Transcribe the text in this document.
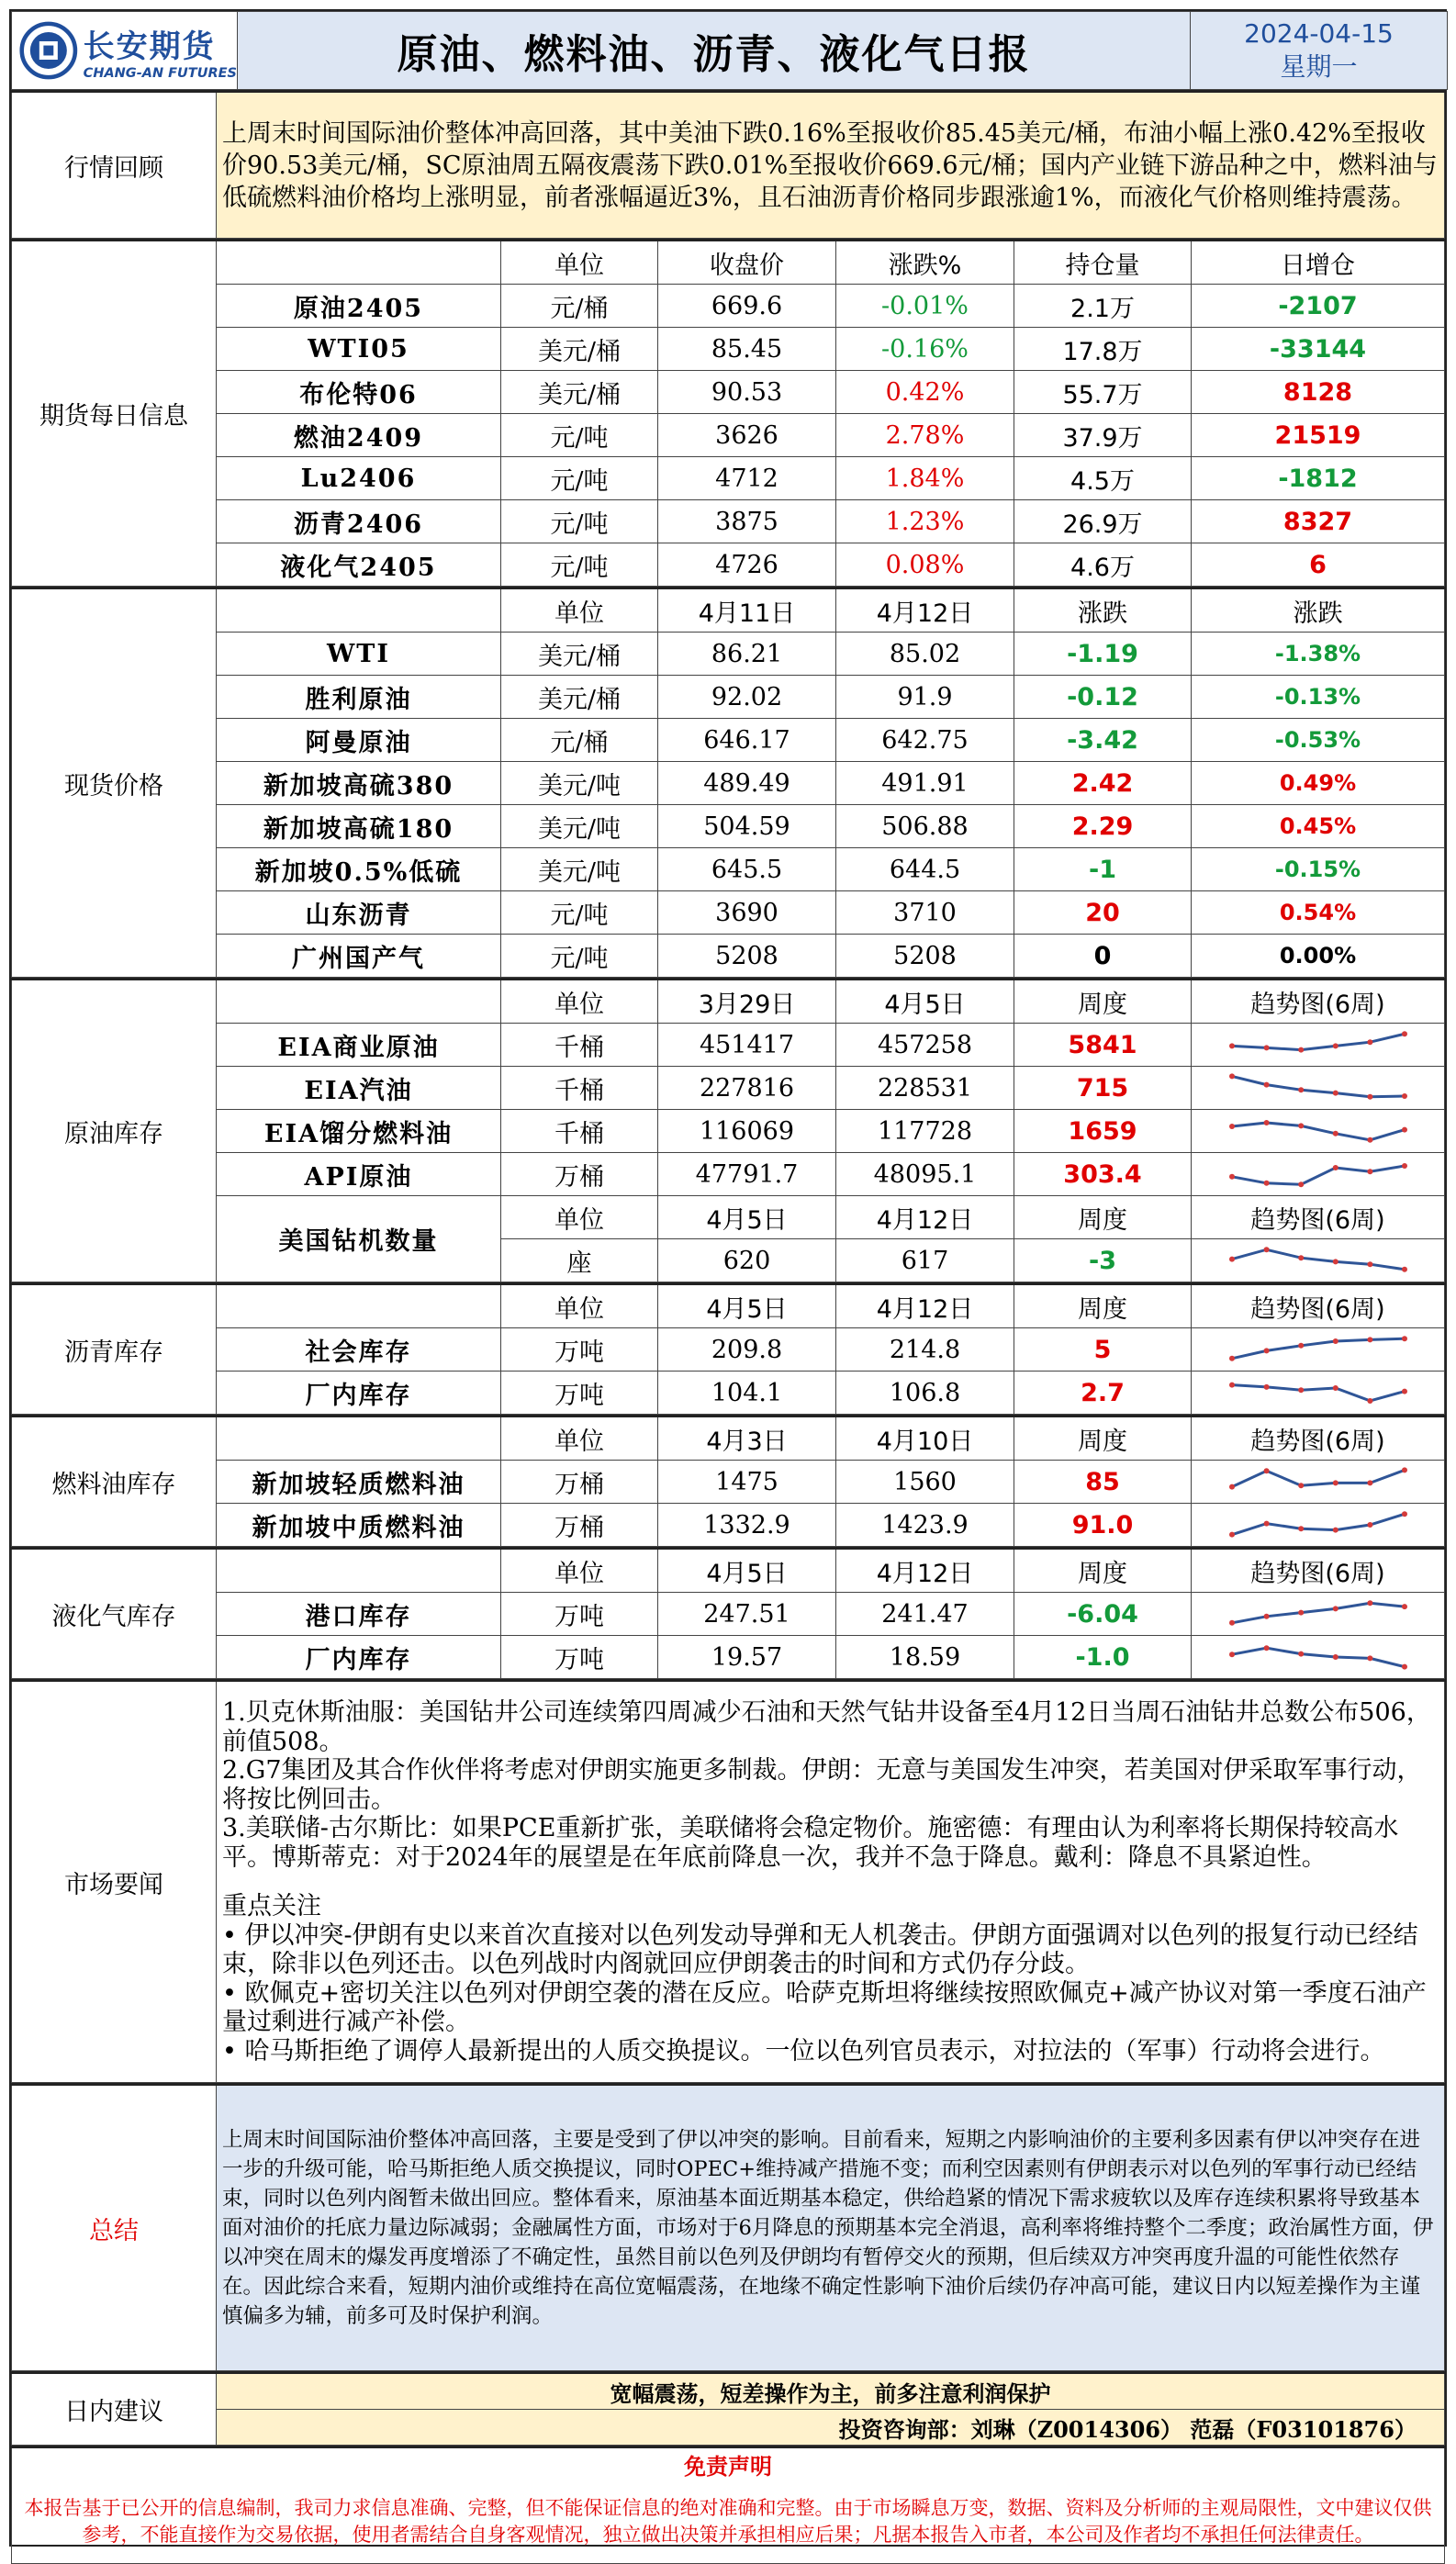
长安期货
CHANG-AN FUTURES	原油、燃料油、沥青、液化气日报	2024-04-15
星期一
行情回顾	上周末时间国际油价整体冲高回落，其中美油下跌0.16%至报收价85.45美元/桶，布油小幅上涨0.42%至报收价90.53美元/桶，SC原油周五隔夜震荡下跌0.01%至报收价669.6元/桶；国内产业链下游品种之中，燃料油与低硫燃料油价格均上涨明显，前者涨幅逼近3%，且石油沥青价格同步跟涨逾1%，而液化气价格则维持震荡。
期货每日信息		单位	收盘价	涨跌%	持仓量	日增仓
	原油2405	元/桶	669.6	-0.01%	2.1万	-2107
	WTI05	美元/桶	85.45	-0.16%	17.8万	-33144
	布伦特06	美元/桶	90.53	0.42%	55.7万	8128
	燃油2409	元/吨	3626	2.78%	37.9万	21519
	Lu2406	元/吨	4712	1.84%	4.5万	-1812
	沥青2406	元/吨	3875	1.23%	26.9万	8327
	液化气2405	元/吨	4726	0.08%	4.6万	6
现货价格		单位	4月11日	4月12日	涨跌	涨跌
	WTI	美元/桶	86.21	85.02	-1.19	-1.38%
	胜利原油	美元/桶	92.02	91.9	-0.12	-0.13%
	阿曼原油	元/桶	646.17	642.75	-3.42	-0.53%
	新加坡高硫380	美元/吨	489.49	491.91	2.42	0.49%
	新加坡高硫180	美元/吨	504.59	506.88	2.29	0.45%
	新加坡0.5%低硫	美元/吨	645.5	644.5	-1	-0.15%
	山东沥青	元/吨	3690	3710	20	0.54%
	广州国产气	元/吨	5208	5208	0	0.00%
原油库存		单位	3月29日	4月5日	周度	趋势图(6周)
	EIA商业原油	千桶	451417	457258	5841	

	EIA汽油	千桶	227816	228531	715	

	EIA馏分燃料油	千桶	116069	117728	1659	

	API原油	万桶	47791.7	48095.1	303.4	

	美国钻机数量	单位	4月5日	4月12日	周度	趋势图(6周)
		座	620	617	-3	
沥青库存		单位	4月5日	4月12日	周度	趋势图(6周)
	社会库存	万吨	209.8	214.8	5	

	厂内库存	万吨	104.1	106.8	2.7	
燃料油库存		单位	4月3日	4月10日	周度	趋势图(6周)
	新加坡轻质燃料油	万桶	1475	1560	85	

	新加坡中质燃料油	万桶	1332.9	1423.9	91.0	
液化气库存		单位	4月5日	4月12日	周度	趋势图(6周)
	港口库存	万吨	247.51	241.47	-6.04	

	厂内库存	万吨	19.57	18.59	-1.0	
市场要闻	
1.贝克休斯油服：美国钻井公司连续第四周减少石油和天然气钻井设备至4月12日当周石油钻井总数公布506，前值508。
2.G7集团及其合作伙伴将考虑对伊朗实施更多制裁。伊朗：无意与美国发生冲突，若美国对伊采取军事行动，将按比例回击。
3.美联储-古尔斯比：如果PCE重新扩张，美联储将会稳定物价。施密德：有理由认为利率将长期保持较高水平。博斯蒂克：对于2024年的展望是在年底前降息一次，我并不急于降息。戴利：降息不具紧迫性。
重点关注
• 伊以冲突-伊朗有史以来首次直接对以色列发动导弹和无人机袭击。伊朗方面强调对以色列的报复行动已经结束，除非以色列还击。以色列战时内阁就回应伊朗袭击的时间和方式仍存分歧。
• 欧佩克+密切关注以色列对伊朗空袭的潜在反应。哈萨克斯坦将继续按照欧佩克+减产协议对第一季度石油产量过剩进行减产补偿。
• 哈马斯拒绝了调停人最新提出的人质交换提议。一位以色列官员表示，对拉法的（军事）行动将会进行。
总结	上周末时间国际油价整体冲高回落，主要是受到了伊以冲突的影响。目前看来，短期之内影响油价的主要利多因素有伊以冲突存在进一步的升级可能，哈马斯拒绝人质交换提议，同时OPEC+维持减产措施不变；而利空因素则有伊朗表示对以色列的军事行动已经结束，同时以色列内阁暂未做出回应。整体看来，原油基本面近期基本稳定，供给趋紧的情况下需求疲软以及库存连续积累将导致基本面对油价的托底力量边际减弱；金融属性方面，市场对于6月降息的预期基本完全消退，高利率将维持整个二季度；政治属性方面，伊以冲突在周末的爆发再度增添了不确定性，虽然目前以色列及伊朗均有暂停交火的预期，但后续双方冲突再度升温的可能性依然存在。因此综合来看，短期内油价或维持在高位宽幅震荡，在地缘不确定性影响下油价后续仍存冲高可能，建议日内以短差操作为主谨慎偏多为辅，前多可及时保护利润。
日内建议	宽幅震荡，短差操作为主，前多注意利润保护
投资咨询部：刘琳（Z0014306） 范磊（F03101876）
免责声明
本报告基于已公开的信息编制，我司力求信息准确、完整，但不能保证信息的绝对准确和完整。由于市场瞬息万变，数据、资料及分析师的主观局限性，文中建议仅供参考，不能直接作为交易依据，使用者需结合自身客观情况，独立做出决策并承担相应后果；凡据本报告入市者，本公司及作者均不承担任何法律责任。
